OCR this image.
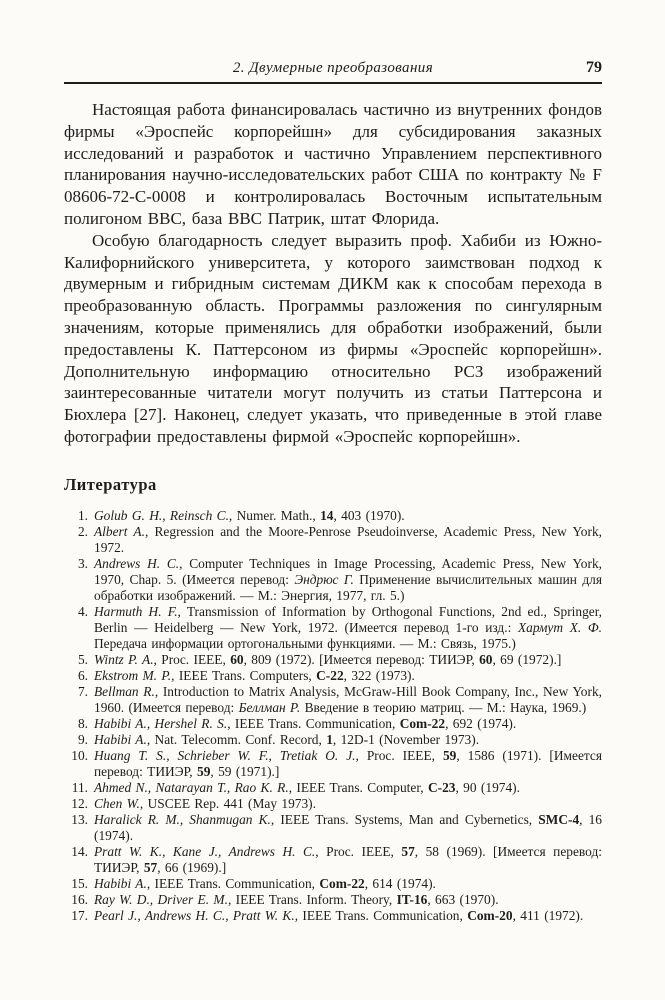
2. Двумерные преобразования	79

Настоящая работа финансировалась частично из внутренних фондов фирмы «Эроспейс корпорейшн» для субсидирования заказных исследований и разработок и частично Управлением перспективного планирования научно-исследовательских работ США по контракту № F 08606-72-C-0008 и контролировалась Восточным испытательным полигоном ВВС, база ВВС Патрик, штат Флорида.

Особую благодарность следует выразить проф. Хабиби из Южно-Калифорнийского университета, у которого заимствован подход к двумерным и гибридным системам ДИКМ как к способам перехода в преобразованную область. Программы разложения по сингулярным значениям, которые применялись для обработки изображений, были предоставлены К. Паттерсоном из фирмы «Эроспейс корпорейшн». Дополнительную информацию относительно РСЗ изображений заинтересованные читатели могут получить из статьи Паттерсона и Бюхлера [27]. Наконец, следует указать, что приведенные в этой главе фотографии предоставлены фирмой «Эроспейс корпорейшн».

Литература
1. Golub G. H., Reinsch C., Numer. Math., 14, 403 (1970).
2. Albert A., Regression and the Moore-Penrose Pseudoinverse, Academic Press, New York, 1972.
3. Andrews H. C., Computer Techniques in Image Processing, Academic Press, New York, 1970, Chap. 5. (Имеется перевод: Эндрюс Г. Применение вычислительных машин для обработки изображений. — М.: Энергия, 1977, гл. 5.)
4. Harmuth H. F., Transmission of Information by Orthogonal Functions, 2nd ed., Springer, Berlin — Heidelberg — New York, 1972. (Имеется перевод 1-го изд.: Хармут Х. Ф. Передача информации ортогональными функциями. — М.: Связь, 1975.)
5. Wintz P. A., Proc. IEEE, 60, 809 (1972). [Имеется перевод: ТИИЭР, 60, 69 (1972).]
6. Ekstrom M. P., IEEE Trans. Computers, C-22, 322 (1973).
7. Bellman R., Introduction to Matrix Analysis, McGraw-Hill Book Company, Inc., New York, 1960. (Имеется перевод: Беллман Р. Введение в теорию матриц. — М.: Наука, 1969.)
8. Habibi A., Hershel R. S., IEEE Trans. Communication, Com-22, 692 (1974).
9. Habibi A., Nat. Telecomm. Conf. Record, 1, 12D-1 (November 1973).
10. Huang T. S., Schrieber W. F., Tretiak O. J., Proc. IEEE, 59, 1586 (1971). [Имеется перевод: ТИИЭР, 59, 59 (1971).]
11. Ahmed N., Natarayan T., Rao K. R., IEEE Trans. Computer, C-23, 90 (1974).
12. Chen W., USCEE Rep. 441 (May 1973).
13. Haralick R. M., Shanmugan K., IEEE Trans. Systems, Man and Cybernetics, SMC-4, 16 (1974).
14. Pratt W. K., Kane J., Andrews H. C., Proc. IEEE, 57, 58 (1969). [Имеется перевод: ТИИЭР, 57, 66 (1969).]
15. Habibi A., IEEE Trans. Communication, Com-22, 614 (1974).
16. Ray W. D., Driver E. M., IEEE Trans. Inform. Theory, IT-16, 663 (1970).
17. Pearl J., Andrews H. C., Pratt W. K., IEEE Trans. Communication, Com-20, 411 (1972).
